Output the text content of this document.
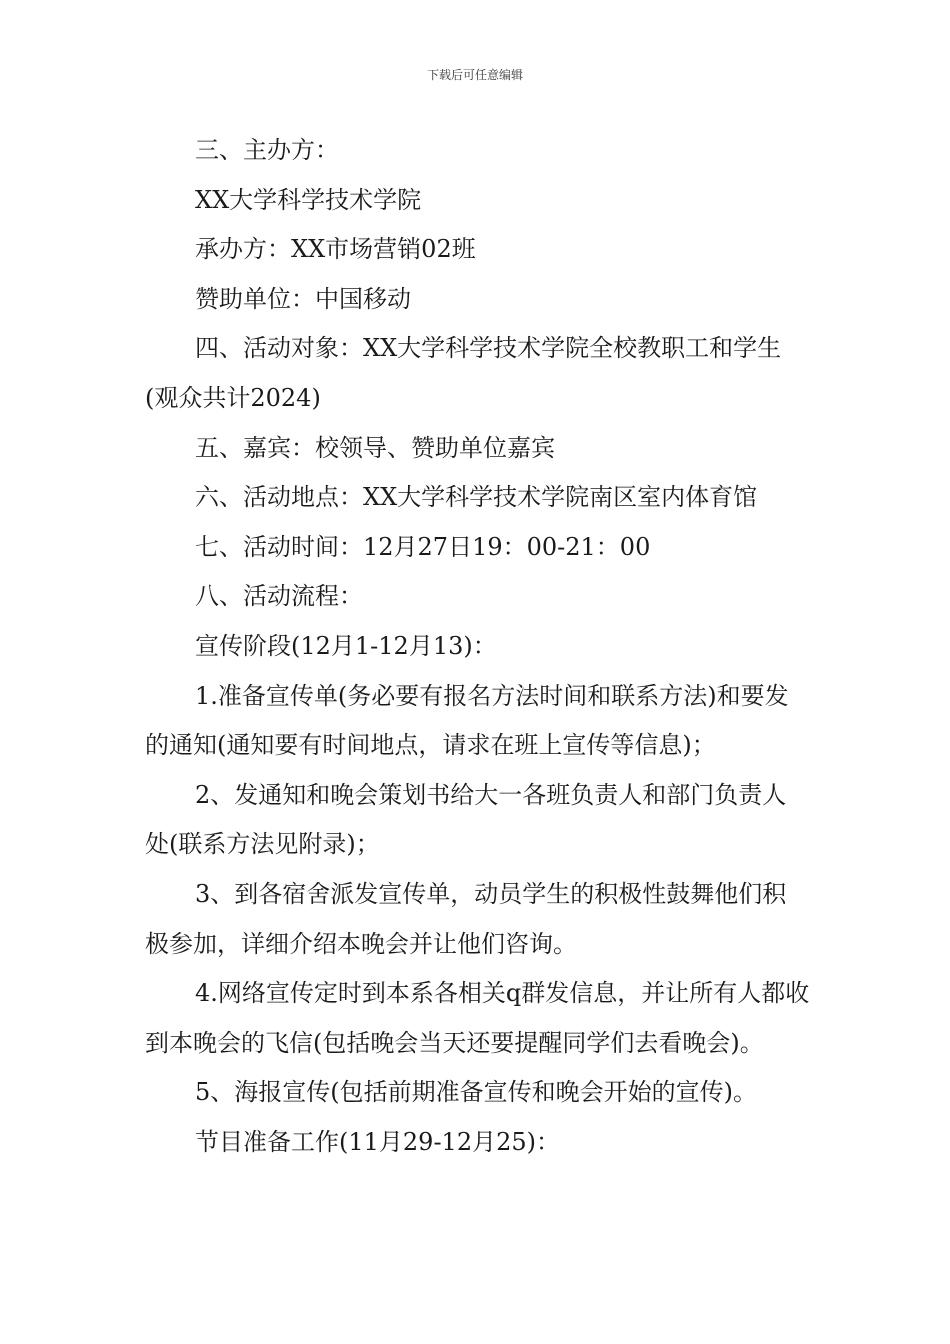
下载后可任意编辑

三、主办方：

XX大学科学技术学院

承办方：XX市场营销02班

赞助单位：中国移动

四、活动对象：XX大学科学技术学院全校教职工和学生(观众共计2024)

五、嘉宾：校领导、赞助单位嘉宾

六、活动地点：XX大学科学技术学院南区室内体育馆

七、活动时间：12月27日19：00-21：00

八、活动流程：

宣传阶段(12月1-12月13)：

1.准备宣传单(务必要有报名方法时间和联系方法)和要发的通知(通知要有时间地点，请求在班上宣传等信息)；

2、发通知和晚会策划书给大一各班负责人和部门负责人处(联系方法见附录)；

3、到各宿舍派发宣传单，动员学生的积极性鼓舞他们积极参加，详细介绍本晚会并让他们咨询。

4.网络宣传定时到本系各相关q群发信息，并让所有人都收到本晚会的飞信(包括晚会当天还要提醒同学们去看晚会)。

5、海报宣传(包括前期准备宣传和晚会开始的宣传)。

节目准备工作(11月29-12月25)：
